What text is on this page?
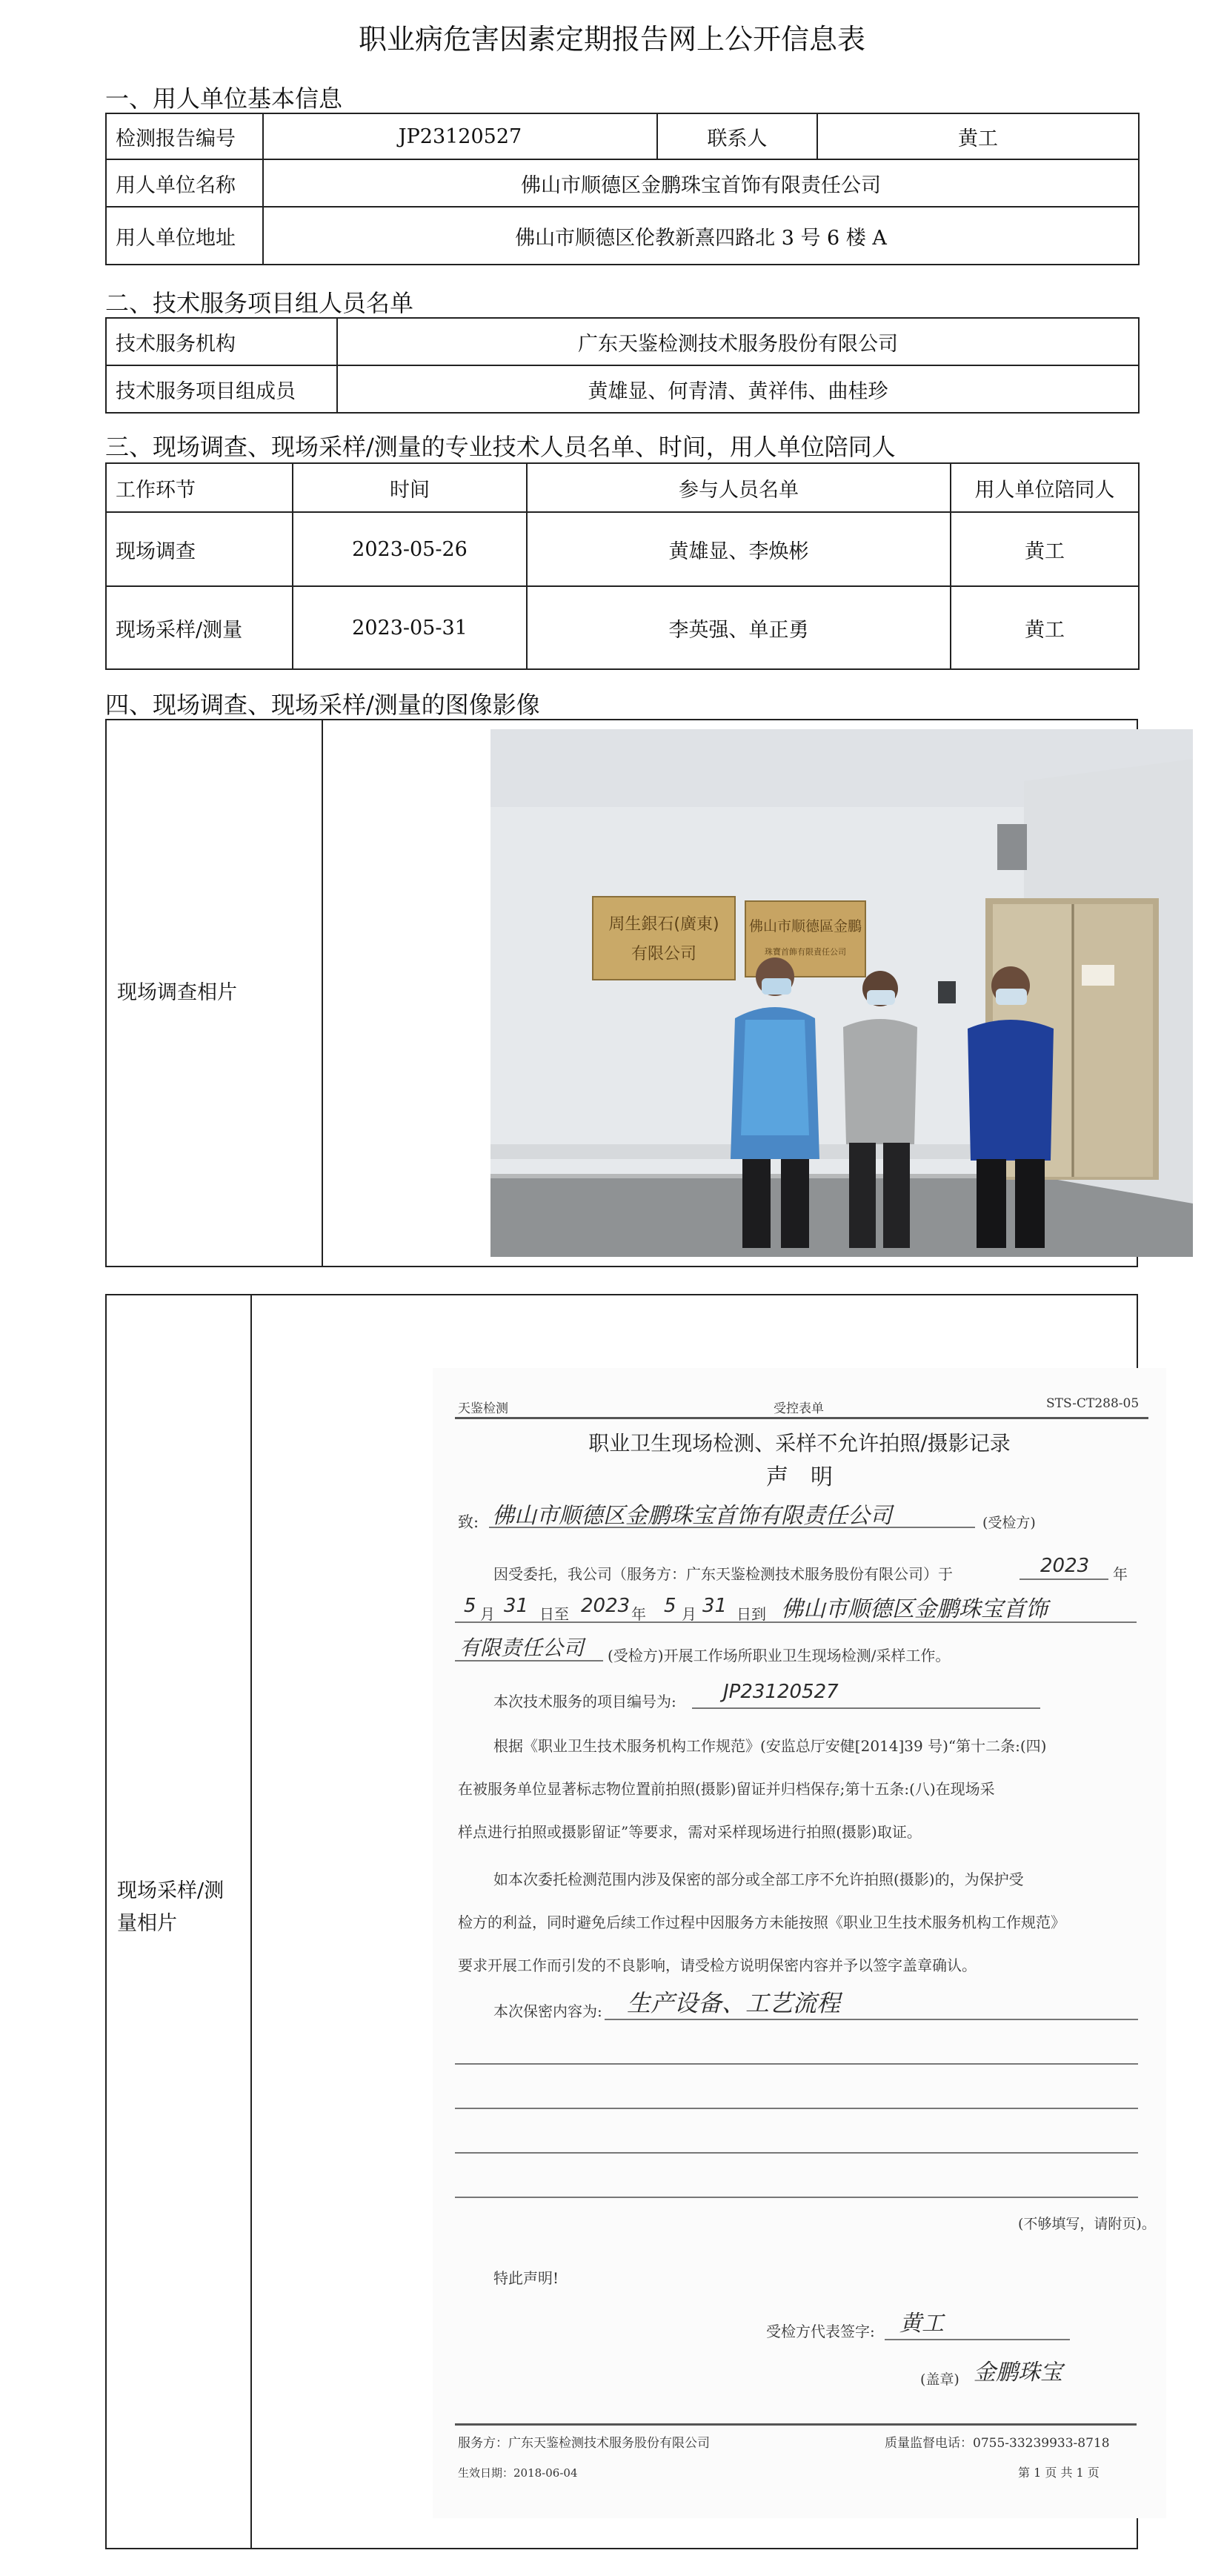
职业病危害因素定期报告网上公开信息表
一、用人单位基本信息
检测报告编号	JP23120527	联系人	黄工
用人单位名称	佛山市顺德区金鹏珠宝首饰有限责任公司		
用人单位地址	佛山市顺德区伦教新熹四路北 3 号 6 楼 A		
二、技术服务项目组人员名单
技术服务机构	广东天鉴检测技术服务股份有限公司
技术服务项目组成员	黄雄显、何青清、黄祥伟、曲桂珍
三、现场调查、现场采样/测量的专业技术人员名单、时间，用人单位陪同人
工作环节	时间	参与人员名单	用人单位陪同人
现场调查	2023-05-26	黄雄显、李焕彬	黄工
现场采样/测量	2023-05-31	李英强、单正勇	黄工
四、现场调查、现场采样/测量的图像影像
现场调查相片
周生銀石(廣東)
有限公司
佛山市顺德區金鵬
珠寶首飾有限責任公司
现场采样/测
量相片
天鉴检测	受控表单	STS-CT288-05
职业卫生现场检测、采样不允许拍照/摄影记录
声　明
致: 佛山市顺德区金鹏珠宝首饰有限责任公司	(受检方)
因受委托，我公司（服务方：广东天鉴检测技术服务股份有限公司）于	2023 年
5 月 31 日至 2023 年 5 月 31 日到 佛山市顺德区金鹏珠宝首饰
有限责任公司 (受检方)开展工作场所职业卫生现场检测/采样工作。
本次技术服务的项目编号为: JP23120527
根据《职业卫生技术服务机构工作规范》(安监总厅安健[2014]39 号)“第十二条:(四)
在被服务单位显著标志物位置前拍照(摄影)留证并归档保存;第十五条:(八)在现场采
样点进行拍照或摄影留证”等要求，需对采样现场进行拍照(摄影)取证。
如本次委托检测范围内涉及保密的部分或全部工序不允许拍照(摄影)的，为保护受
检方的利益，同时避免后续工作过程中因服务方未能按照《职业卫生技术服务机构工作规范》
要求开展工作而引发的不良影响，请受检方说明保密内容并予以签字盖章确认。
本次保密内容为: 生产设备、工艺流程
(不够填写，请附页)。
特此声明!
受检方代表签字: 黄工
(盖章) 金鹏珠宝
服务方：广东天鉴检测技术服务股份有限公司	质量监督电话：0755-33239933-8718
生效日期：2018-06-04	第 1 页 共 1 页
